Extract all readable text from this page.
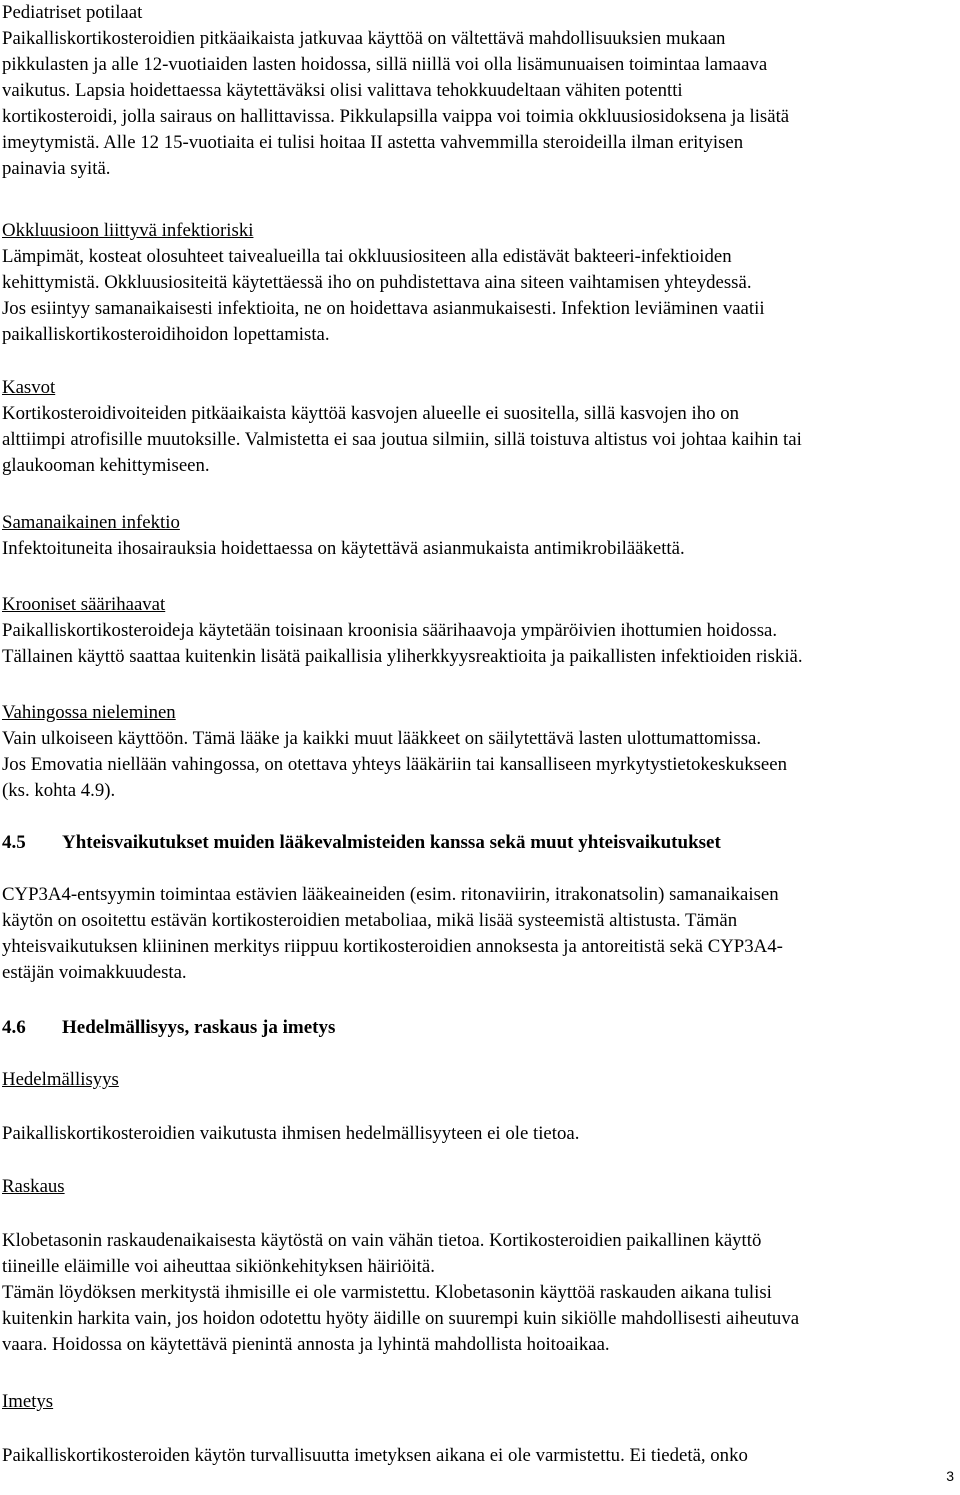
Pediatriset potilaat

Paikalliskortikosteroidien pitkäaikaista jatkuvaa käyttöä on vältettävä mahdollisuuksien mukaan

pikkulasten ja alle 12-vuotiaiden lasten hoidossa, sillä niillä voi olla lisämunuaisen toimintaa lamaava

vaikutus. Lapsia hoidettaessa käytettäväksi olisi valittava tehokkuudeltaan vähiten potentti

kortikosteroidi, jolla sairaus on hallittavissa. Pikkulapsilla vaippa voi toimia okkluusiosidoksena ja lisätä

imeytymistä. Alle 12 15-vuotiaita ei tulisi hoitaa II astetta vahvemmilla steroideilla ilman erityisen

painavia syitä.

Okkluusioon liittyvä infektioriski

Lämpimät, kosteat olosuhteet taivealueilla tai okkluusiositeen alla edistävät bakteeri-infektioiden

kehittymistä. Okkluusiositeitä käytettäessä iho on puhdistettava aina siteen vaihtamisen yhteydessä.

Jos esiintyy samanaikaisesti infektioita, ne on hoidettava asianmukaisesti. Infektion leviäminen vaatii

paikalliskortikosteroidihoidon lopettamista.

Kasvot

Kortikosteroidivoiteiden pitkäaikaista käyttöä kasvojen alueelle ei suositella, sillä kasvojen iho on

alttiimpi atrofisille muutoksille. Valmistetta ei saa joutua silmiin, sillä toistuva altistus voi johtaa kaihin tai

glaukooman kehittymiseen.

Samanaikainen infektio

Infektoituneita ihosairauksia hoidettaessa on käytettävä asianmukaista antimikrobilääkettä.

Krooniset säärihaavat

Paikalliskortikosteroideja käytetään toisinaan kroonisia säärihaavoja ympäröivien ihottumien hoidossa.

Tällainen käyttö saattaa kuitenkin lisätä paikallisia yliherkkyysreaktioita ja paikallisten infektioiden riskiä.

Vahingossa nieleminen

Vain ulkoiseen käyttöön. Tämä lääke ja kaikki muut lääkkeet on säilytettävä lasten ulottumattomissa.

Jos Emovatia niellään vahingossa, on otettava yhteys lääkäriin tai kansalliseen myrkytystietokeskukseen

(ks. kohta 4.9).

4.5	Yhteisvaikutukset muiden lääkevalmisteiden kanssa sekä muut yhteisvaikutukset

CYP3A4-entsyymin toimintaa estävien lääkeaineiden (esim. ritonaviirin, itrakonatsolin) samanaikaisen

käytön on osoitettu estävän kortikosteroidien metaboliaa, mikä lisää systeemistä altistusta. Tämän

yhteisvaikutuksen kliininen merkitys riippuu kortikosteroidien annoksesta ja antoreitistä sekä CYP3A4-

estäjän voimakkuudesta.

4.6	Hedelmällisyys, raskaus ja imetys

Hedelmällisyys

Paikalliskortikosteroidien vaikutusta ihmisen hedelmällisyyteen ei ole tietoa.

Raskaus

Klobetasonin raskaudenaikaisesta käytöstä on vain vähän tietoa. Kortikosteroidien paikallinen käyttö

tiineille eläimille voi aiheuttaa sikiönkehityksen häiriöitä.

Tämän löydöksen merkitystä ihmisille ei ole varmistettu. Klobetasonin käyttöä raskauden aikana tulisi

kuitenkin harkita vain, jos hoidon odotettu hyöty äidille on suurempi kuin sikiölle mahdollisesti aiheutuva

vaara. Hoidossa on käytettävä pienintä annosta ja lyhintä mahdollista hoitoaikaa.

Imetys

Paikalliskortikosteroiden käytön turvallisuutta imetyksen aikana ei ole varmistettu. Ei tiedetä, onko

3
